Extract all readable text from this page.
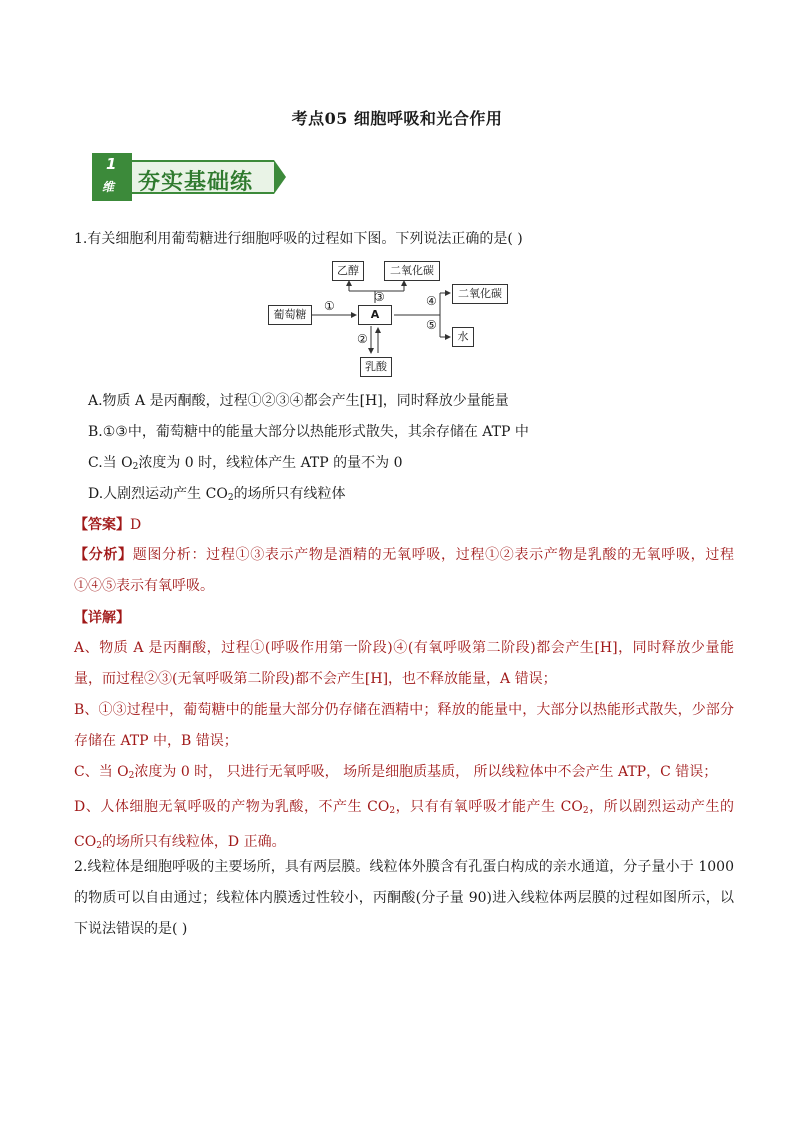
考点05 细胞呼吸和光合作用
1
维 夯实基础练
1.有关细胞利用葡萄糖进行细胞呼吸的过程如下图。下列说法正确的是( )
葡萄糖
乙醇	二氧化碳
A
二氧化碳
水
乳酸
①
③	④
⑤
②
A.物质 A 是丙酮酸，过程①②③④都会产生[H]，同时释放少量能量
B.①③中，葡萄糖中的能量大部分以热能形式散失，其余存储在 ATP 中
C.当 $O_2$浓度为 0 时，线粒体产生 ATP 的量不为 0
D.人剧烈运动产生 $CO_2$的场所只有线粒体
【答案】D

【分析】题图分析：过程①③表示产物是酒精的无氧呼吸，过程①②表示产物是乳酸的无氧呼吸，过程①④⑤表示有氧呼吸。

【详解】

A、物质 A 是丙酮酸，过程①(呼吸作用第一阶段)④(有氧呼吸第二阶段)都会产生[H]，同时释放少量能量，而过程②③(无氧呼吸第二阶段)都不会产生[H]，也不释放能量，A 错误；

B、①③过程中，葡萄糖中的能量大部分仍存储在酒精中；释放的能量中，大部分以热能形式散失，少部分存储在 ATP 中，B 错误；

C、当 $O_2$浓度为 0 时， 只进行无氧呼吸， 场所是细胞质基质， 所以线粒体中不会产生 ATP，C 错误；

D、人体细胞无氧呼吸的产物为乳酸，不产生 $CO_2$，只有有氧呼吸才能产生 $CO_2$，所以剧烈运动产生的 $CO_2$的场所只有线粒体，D 正确。

2.线粒体是细胞呼吸的主要场所，具有两层膜。线粒体外膜含有孔蛋白构成的亲水通道，分子量小于 1000 的物质可以自由通过；线粒体内膜透过性较小，丙酮酸(分子量 90)进入线粒体两层膜的过程如图所示，以下说法错误的是( )
